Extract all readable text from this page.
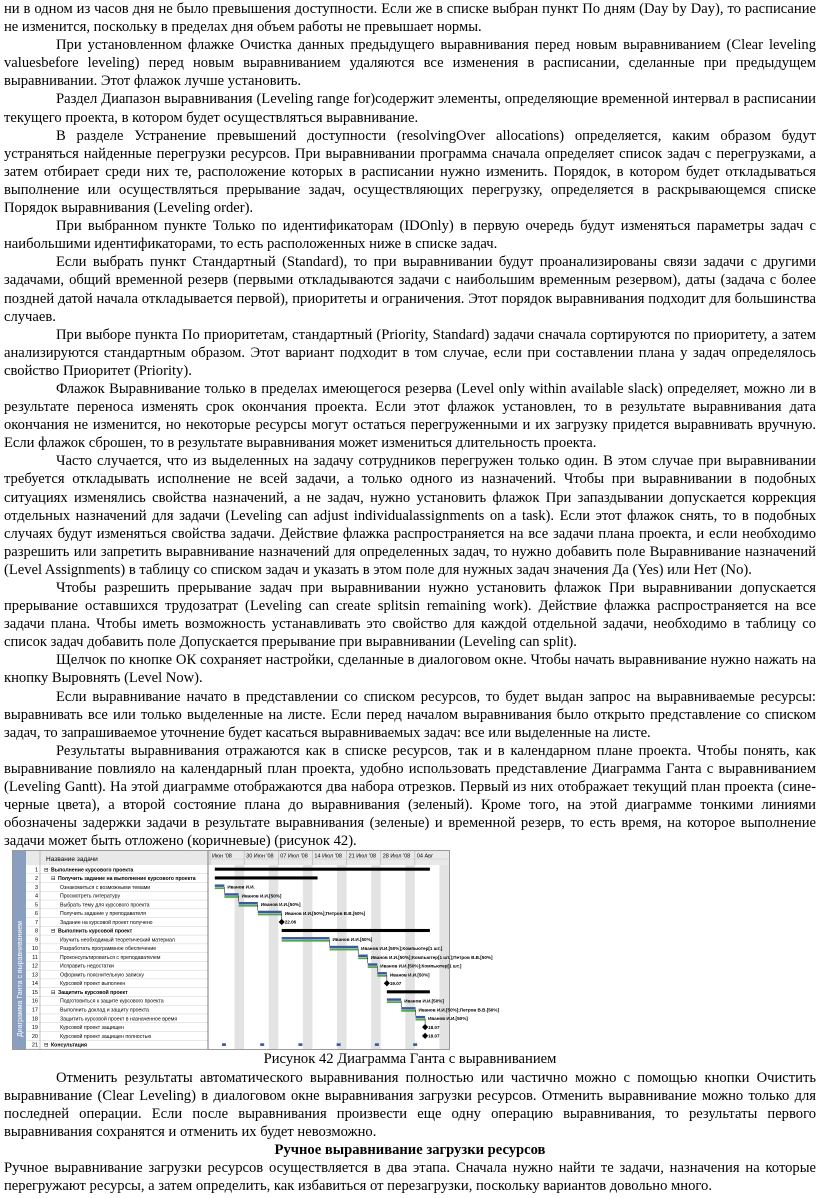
ни в одном из часов дня не было превышения доступности. Если же в списке выбран пункт По дням (Day by Day), то расписание не изменится, поскольку в пределах дня объем работы не превышает нормы.

При установленном флажке Очистка данных предыдущего выравнивания перед новым выравниванием (Clear leveling valuesbefore leveling) перед новым выравниванием удаляются все изменения в расписании, сделанные при предыдущем выравнивании. Этот флажок лучше установить.

Раздел Диапазон выравнивания (Leveling range for)содержит элементы, определяющие временной интервал в расписании текущего проекта, в котором будет осуществляться выравнивание.

В разделе Устранение превышений доступности (resolvingOver allocations) определяется, каким образом будут устраняться найденные перегрузки ресурсов. При выравнивании программа сначала определяет список задач с перегрузками, а затем отбирает среди них те, расположение которых в расписании нужно изменить. Порядок, в котором будет откладываться выполнение или осуществляться прерывание задач, осуществляющих перегрузку, определяется в раскрывающемся списке Порядок выравнивания (Leveling order).

При выбранном пункте Только по идентификаторам (IDOnly) в первую очередь будут изменяться параметры задач с наибольшими идентификаторами, то есть расположенных ниже в списке задач.

Если выбрать пункт Стандартный (Standard), то при выравнивании будут проанализированы связи задачи с другими задачами, общий временной резерв (первыми откладываются задачи с наибольшим временным резервом), даты (задача с более поздней датой начала откладывается первой), приоритеты и ограничения. Этот порядок выравнивания подходит для большинства случаев.

При выборе пункта По приоритетам, стандартный (Priority, Standard) задачи сначала сортируются по приоритету, а затем анализируются стандартным образом. Этот вариант подходит в том случае, если при составлении плана у задач определялось свойство Приоритет (Priority).

Флажок Выравнивание только в пределах имеющегося резерва (Level only within available slack) определяет, можно ли в результате переноса изменять срок окончания проекта. Если этот флажок установлен, то в результате выравнивания дата окончания не изменится, но некоторые ресурсы могут остаться перегруженными и их загрузку придется выравнивать вручную. Если флажок сброшен, то в результате выравнивания может измениться длительность проекта.

Часто случается, что из выделенных на задачу сотрудников перегружен только один. В этом случае при выравнивании требуется откладывать исполнение не всей задачи, а только одного из назначений. Чтобы при выравнивании в подобных ситуациях изменялись свойства назначений, а не задач, нужно установить флажок При запаздывании допускается коррекция отдельных назначений для задачи (Leveling can adjust individualassignments on a task). Если этот флажок снять, то в подобных случаях будут изменяться свойства задачи. Действие флажка распространяется на все задачи плана проекта, и если необходимо разрешить или запретить выравнивание назначений для определенных задач, то нужно добавить поле Выравнивание назначений (Level Assignments) в таблицу со списком задач и указать в этом поле для нужных задач значения Да (Yes) или Нет (No).

Чтобы разрешить прерывание задач при выравнивании нужно установить флажок При выравнивании допускается прерывание оставшихся трудозатрат (Leveling can create splitsin remaining work). Действие флажка распространяется на все задачи плана. Чтобы иметь возможность устанавливать это свойство для каждой отдельной задачи, необходимо в таблицу со список задач добавить поле Допускается прерывание при выравнивании (Leveling can split).

Щелчок по кнопке ОК сохраняет настройки, сделанные в диалоговом окне. Чтобы начать выравнивание нужно нажать на кнопку Выровнять (Level Now).

Если выравнивание начато в представлении со списком ресурсов, то будет выдан запрос на выравниваемые ресурсы: выравнивать все или только выделенные на листе. Если перед началом выравнивания было открыто представление со списком задач, то запрашиваемое уточнение будет касаться выравниваемых задач: все или выделенные на листе.

Результаты выравнивания отражаются как в списке ресурсов, так и в календарном плане проекта. Чтобы понять, как выравнивание повлияло на календарный план проекта, удобно использовать представление Диаграмма Ганта с выравниванием (Leveling Gantt). На этой диаграмме отображаются два набора отрезков. Первый из них отображает текущий план проекта (сине-черные цвета), а второй состояние плана до выравнивания (зеленый). Кроме того, на этой диаграмме тонкими линиями обозначены задержки задачи в результате выравнивания (зеленые) и временной резерв, то есть время, на которое выполнение задачи может быть отложено (коричневые) (рисунок 42).

Диаграмма Ганта с выравниванием
Название задачи	Июн '08	30 Июн '08 07 Июл '08 14 Июл '08 21 Июл '08 28 Июл '08 04 Авг
1 ⊟ Выполнение курсового проекта
2 ⊟ Получить задание на выполнение курсового проекта
3	Ознакомиться с возможными темами
4	Просмотреть литературу
5	Выбрать тему для курсового проекта
6	Получить задание у преподавателя
7	Задание на курсовой проект получено
8 ⊟ Выполнить курсовой проект
9	Изучить необходимый теоретический материал
10	Разработать программное обеспечение
11	Проконсультироваться с преподавателем
12	Исправить недостатки
13	Оформить пояснительную записку
14	Курсовой проект выполнен
15 ⊟ Защитить курсовой проект
16	Подготовиться к защите курсового проекта
17	Выполнить доклад и защиту проекта
18	Защитить курсовой проект в назначенное время
19	Курсовой проект защищен
20	Курсовой проект защищен полностью
21 ⊟ Консультация
Иванов И.И.
Иванов И.И.[50%]
Иванов И.И.[50%]
Иванов И.И.[50%];Петров В.В.[50%]
22.06
Иванов И.И.[50%]
Иванов И.И.[50%];Компьютер[1 шт.]
Иванов И.И.[50%];Компьютер[1 шт.];Петров В.В.[50%]
Иванов И.И.[50%];Компьютер[1 шт.]
Иванов И.И.[50%]
19.07
Иванов И.И.[50%]
Иванов И.И.[50%];Петров В.В.[50%]
Иванов И.И.[50%]
18.07
18.07

Рисунок 42 Диаграмма Ганта с выравниванием

Отменить результаты автоматического выравнивания полностью или частично можно с помощью кнопки Очистить выравнивание (Clear Leveling) в диалоговом окне выравнивания загрузки ресурсов. Отменить выравнивание можно только для последней операции. Если после выравнивания произвести еще одну операцию выравнивания, то результаты первого выравнивания сохранятся и отменить их будет невозможно.

Ручное выравнивание загрузки ресурсов

Ручное выравнивание загрузки ресурсов осуществляется в два этапа. Сначала нужно найти те задачи, назначения на которые перегружают ресурсы, а затем определить, как избавиться от перезагрузки, поскольку вариантов довольно много.
